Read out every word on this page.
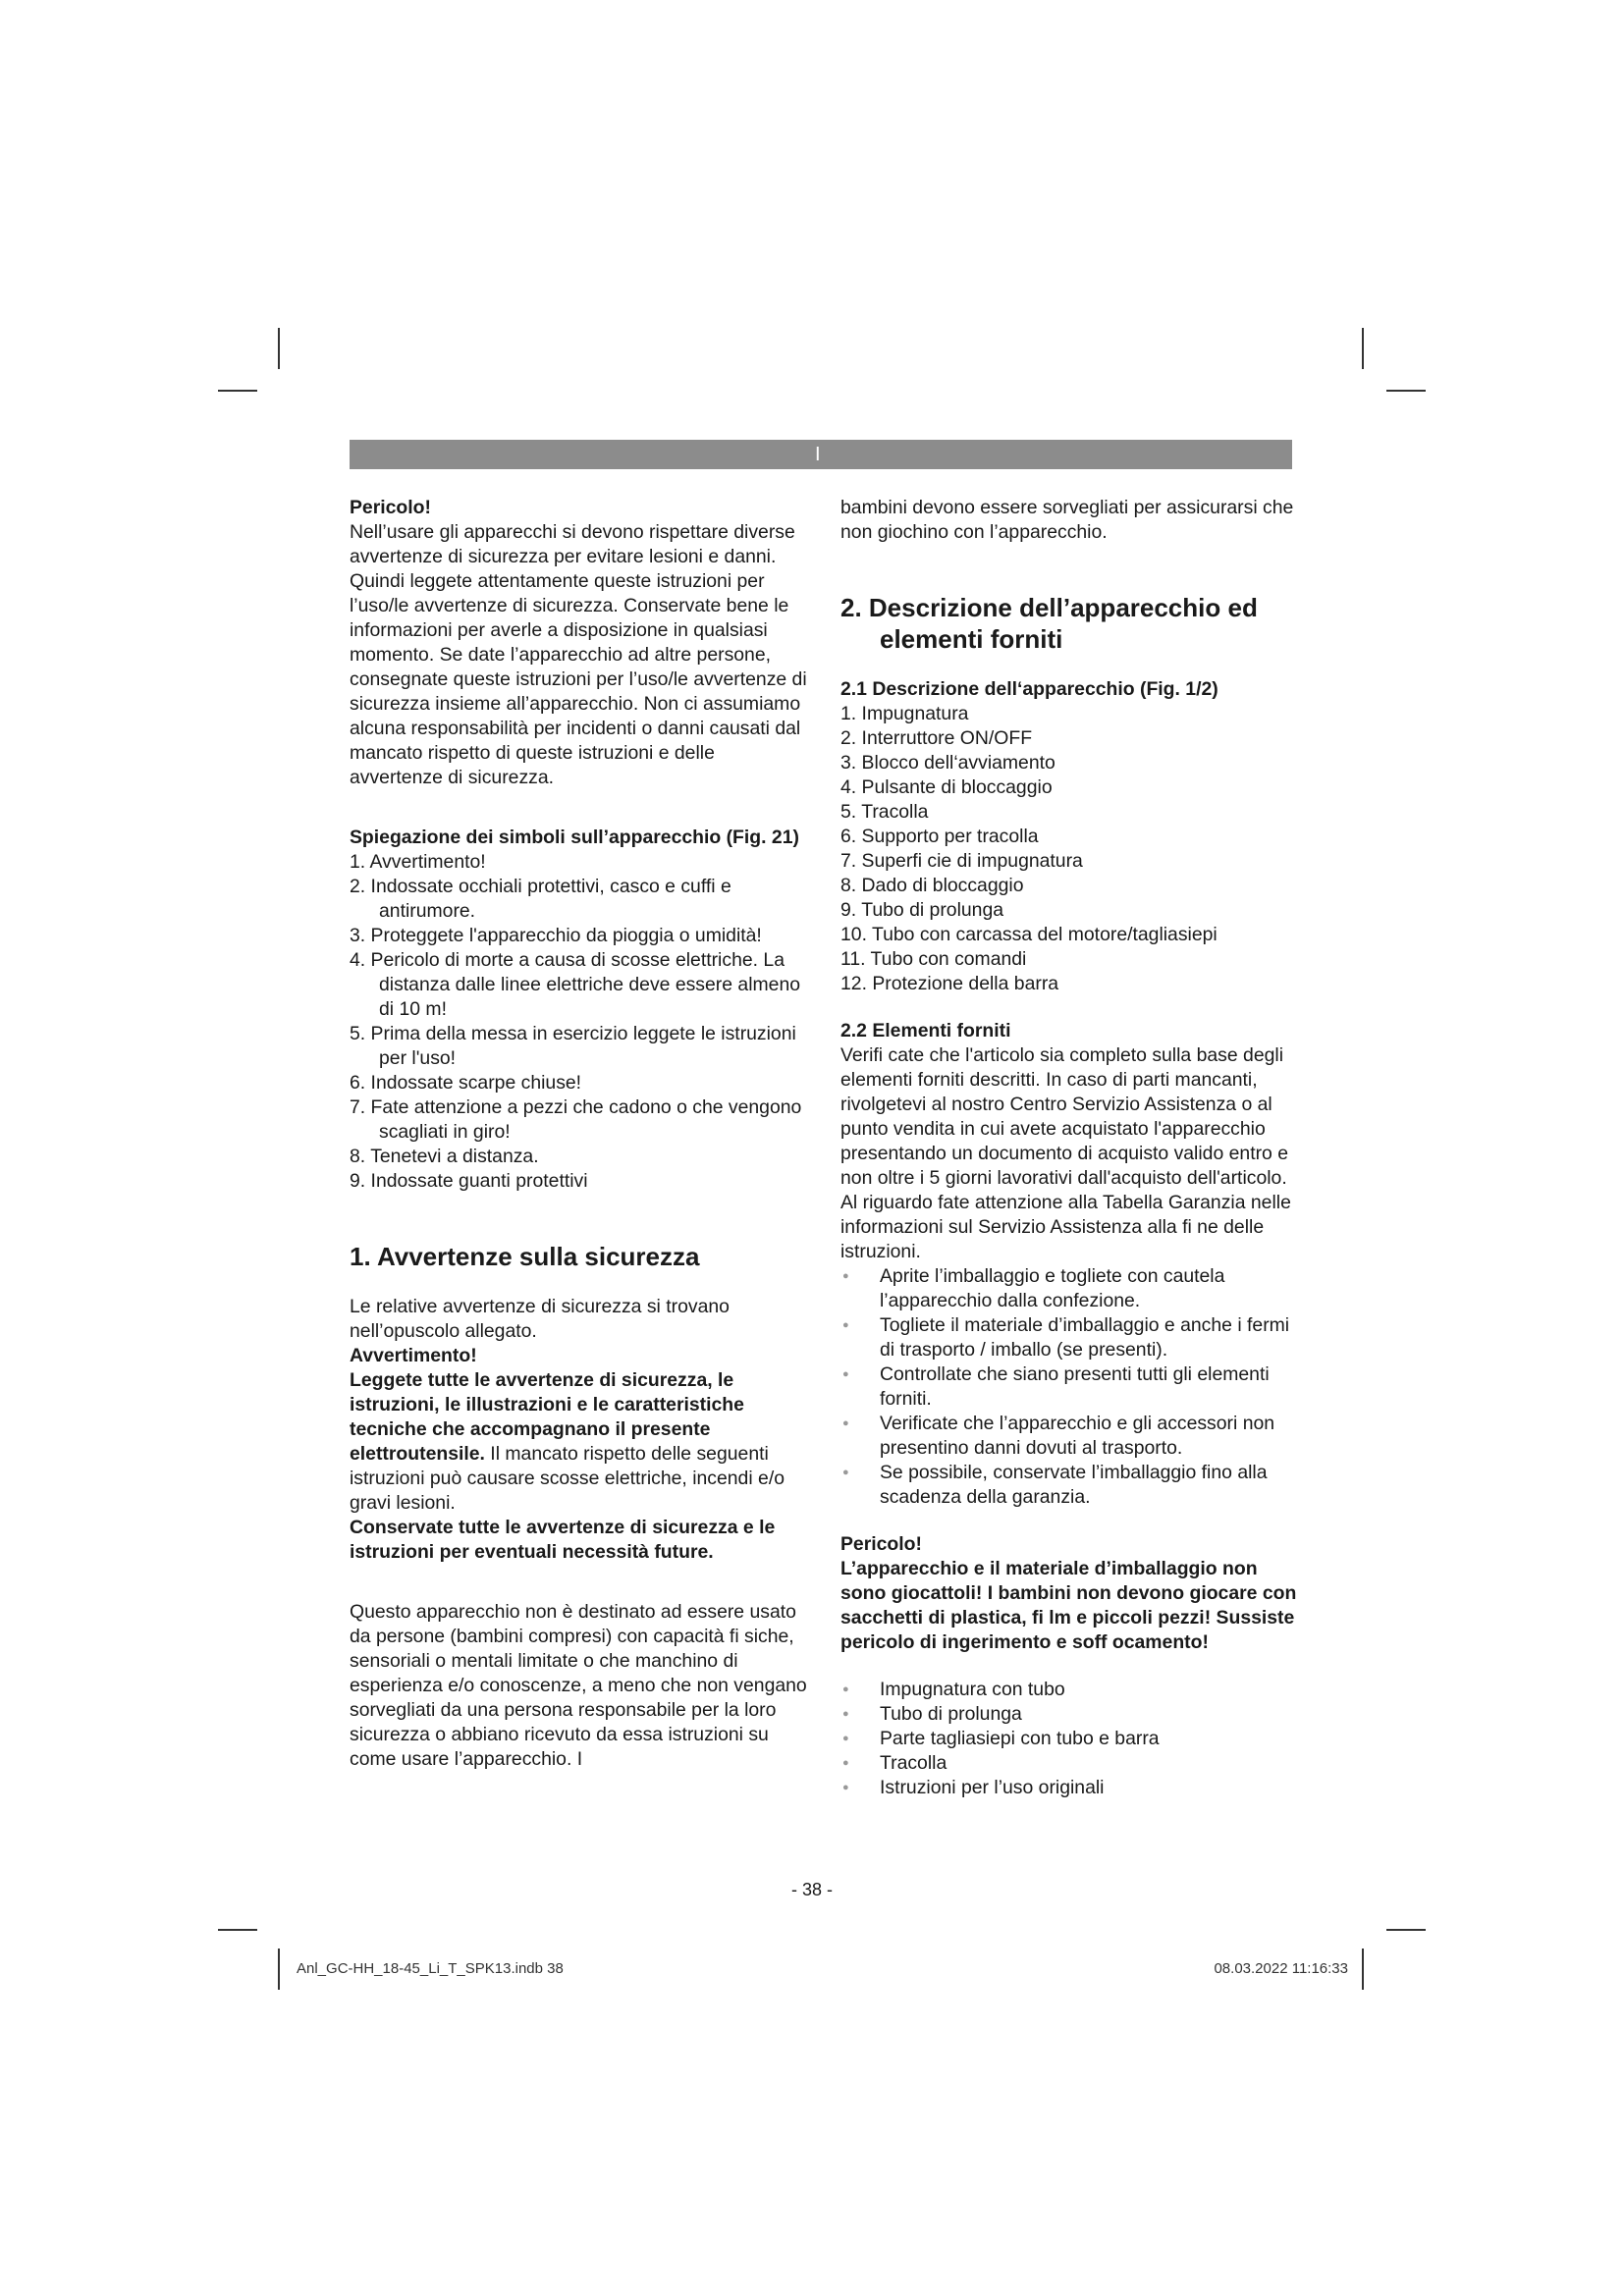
I

Pericolo!

Nell’usare gli apparecchi si devono rispettare diverse avvertenze di sicurezza per evitare lesioni e danni. Quindi leggete attentamente queste istruzioni per l’uso/le avvertenze di sicurezza. Conservate bene le informazioni per averle a disposizione in qualsiasi momento. Se date l’apparecchio ad altre persone, consegnate queste istruzioni per l’uso/le avvertenze di sicurezza insieme all’apparecchio. Non ci assumiamo alcuna responsabilità per incidenti o danni causati dal mancato rispetto di queste istruzioni e delle avvertenze di sicurezza.

Spiegazione dei simboli sull’apparecchio (Fig. 21)

1. Avvertimento!
2. Indossate occhiali protettivi, casco e cuffi e antirumore.
3. Proteggete l'apparecchio da pioggia o umidità!
4. Pericolo di morte a causa di scosse elettriche. La distanza dalle linee elettriche deve essere almeno di 10 m!
5. Prima della messa in esercizio leggete le istruzioni per l'uso!
6. Indossate scarpe chiuse!
7. Fate attenzione a pezzi che cadono o che vengono scagliati in giro!
8. Tenetevi a distanza.
9. Indossate guanti protettivi

1. Avvertenze sulla sicurezza

Le relative avvertenze di sicurezza si trovano nell’opuscolo allegato.

Avvertimento!

Leggete tutte le avvertenze di sicurezza, le istruzioni, le illustrazioni e le caratteristiche tecniche che accompagnano il presente elettroutensile. Il mancato rispetto delle seguenti istruzioni può causare scosse elettriche, incendi e/o gravi lesioni.

Conservate tutte le avvertenze di sicurezza e le istruzioni per eventuali necessità future.

Questo apparecchio non è destinato ad essere usato da persone (bambini compresi) con capacità fi siche, sensoriali o mentali limitate o che manchino di esperienza e/o conoscenze, a meno che non vengano sorvegliati da una persona responsabile per la loro sicurezza o abbiano ricevuto da essa istruzioni su come usare l’apparecchio. I

bambini devono essere sorvegliati per assicurarsi che non giochino con l’apparecchio.

2. Descrizione dell’apparecchio ed elementi forniti

2.1 Descrizione dell‘apparecchio (Fig. 1/2)

1. Impugnatura
2. Interruttore ON/OFF
3. Blocco dell‘avviamento
4. Pulsante di bloccaggio
5. Tracolla
6. Supporto per tracolla
7. Superfi cie di impugnatura
8. Dado di bloccaggio
9. Tubo di prolunga
10. Tubo con carcassa del motore/tagliasiepi
11. Tubo con comandi
12. Protezione della barra

2.2 Elementi forniti

Verifi cate che l'articolo sia completo sulla base degli elementi forniti descritti. In caso di parti mancanti, rivolgetevi al nostro Centro Servizio Assistenza o al punto vendita in cui avete acquistato l'apparecchio presentando un documento di acquisto valido entro e non oltre i 5 giorni lavorativi dall'acquisto dell'articolo. Al riguardo fate attenzione alla Tabella Garanzia nelle informazioni sul Servizio Assistenza alla fi ne delle istruzioni.

● Aprite l’imballaggio e togliete con cautela l’apparecchio dalla confezione.
● Togliete il materiale d’imballaggio e anche i fermi di trasporto / imballo (se presenti).
● Controllate che siano presenti tutti gli elementi forniti.
● Verificate che l’apparecchio e gli accessori non presentino danni dovuti al trasporto.
● Se possibile, conservate l’imballaggio fino alla scadenza della garanzia.

Pericolo!

L’apparecchio e il materiale d’imballaggio non sono giocattoli! I bambini non devono giocare con sacchetti di plastica, fi lm e piccoli pezzi! Sussiste pericolo di ingerimento e soff ocamento!

● Impugnatura con tubo
● Tubo di prolunga
● Parte tagliasiepi con tubo e barra
● Tracolla
● Istruzioni per l’uso originali
- 38 -
Anl_GC-HH_18-45_Li_T_SPK13.indb 38	08.03.2022 11:16:33
